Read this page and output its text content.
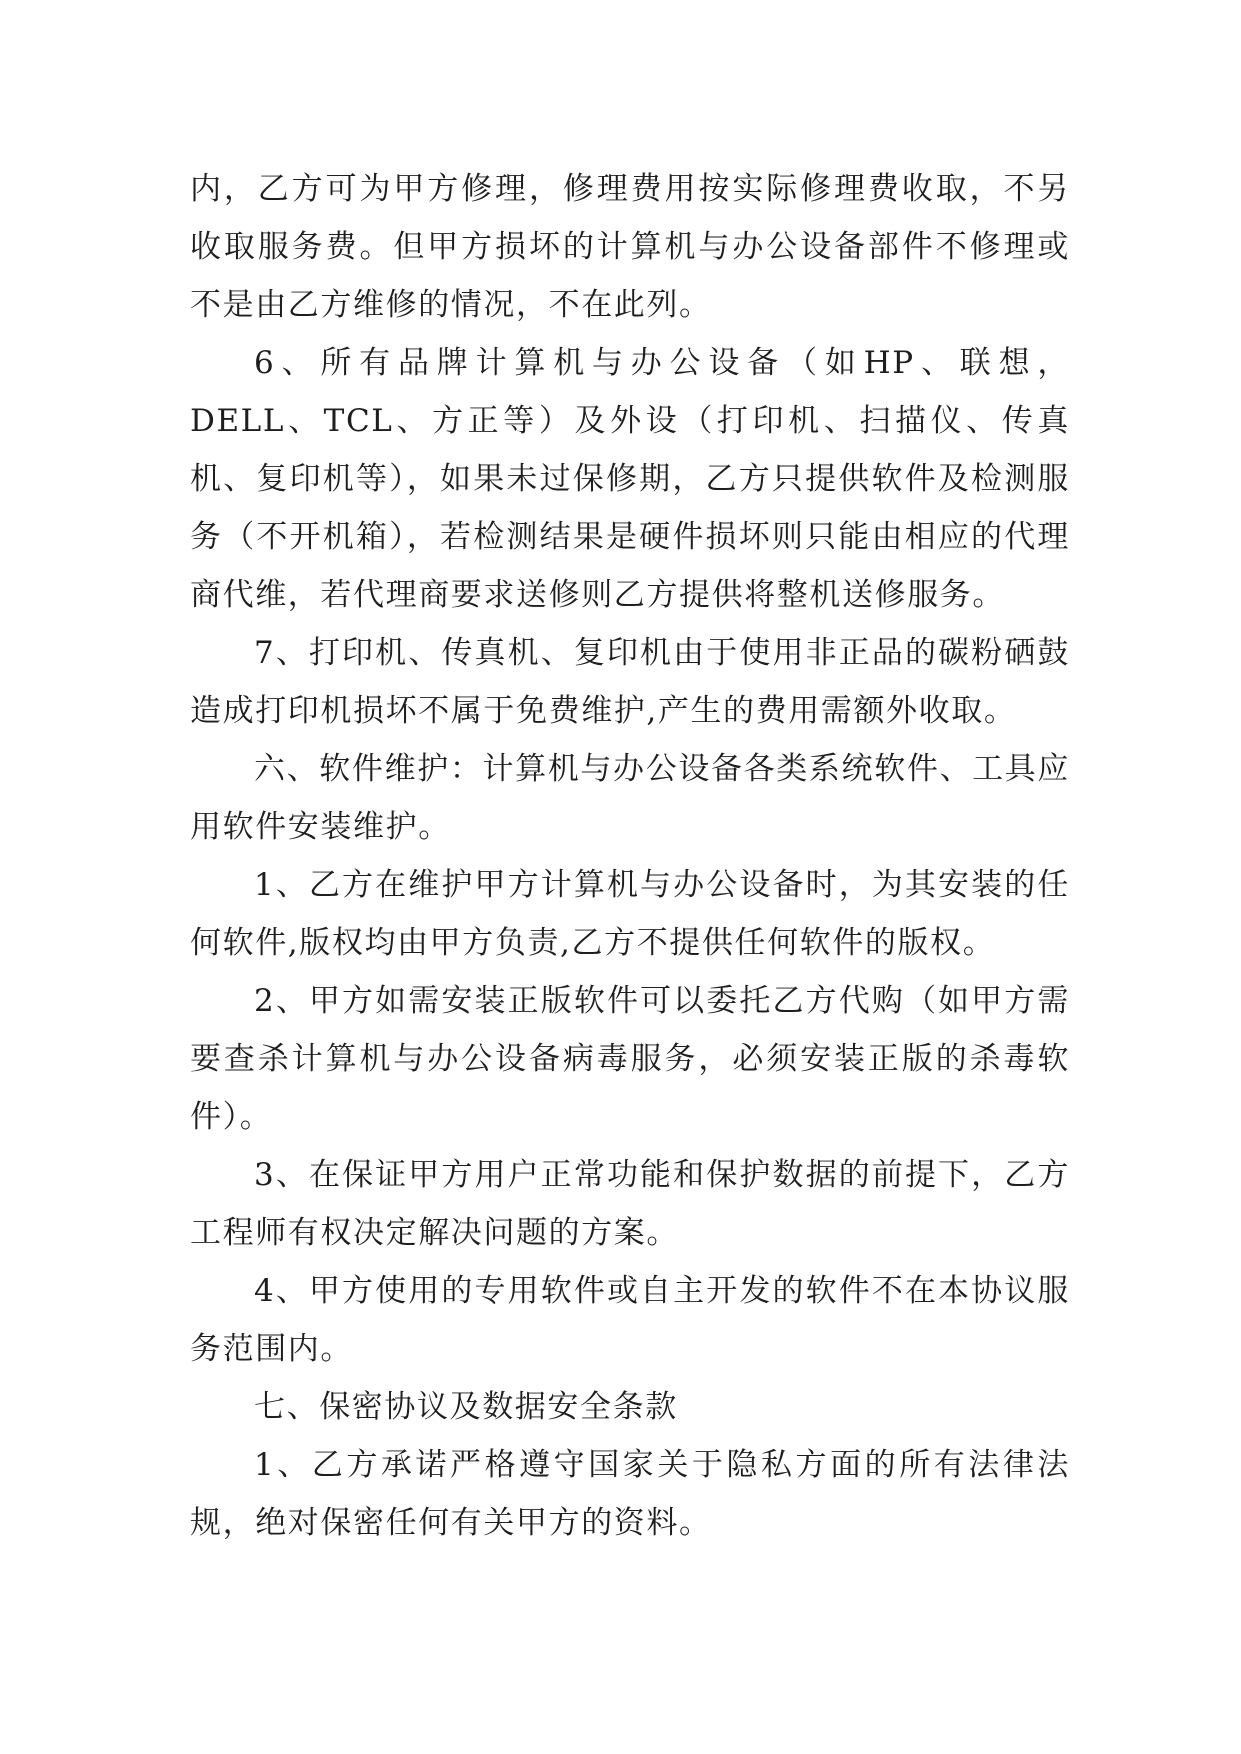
内，乙方可为甲方修理，修理费用按实际修理费收取，不另收取服务费。但甲方损坏的计算机与办公设备部件不修理或不是由乙方维修的情况，不在此列。

6、所有品牌计算机与办公设备（如HP、联想，DELL、TCL、方正等）及外设（打印机、扫描仪、传真机、复印机等），如果未过保修期，乙方只提供软件及检测服务（不开机箱），若检测结果是硬件损坏则只能由相应的代理商代维，若代理商要求送修则乙方提供将整机送修服务。

7、打印机、传真机、复印机由于使用非正品的碳粉硒鼓造成打印机损坏不属于免费维护,产生的费用需额外收取。

六、软件维护：计算机与办公设备各类系统软件、工具应用软件安装维护。

1、乙方在维护甲方计算机与办公设备时，为其安装的任何软件,版权均由甲方负责,乙方不提供任何软件的版权。

2、甲方如需安装正版软件可以委托乙方代购（如甲方需要查杀计算机与办公设备病毒服务，必须安装正版的杀毒软件）。

3、在保证甲方用户正常功能和保护数据的前提下，乙方工程师有权决定解决问题的方案。

4、甲方使用的专用软件或自主开发的软件不在本协议服务范围内。

七、保密协议及数据安全条款

1、乙方承诺严格遵守国家关于隐私方面的所有法律法规，绝对保密任何有关甲方的资料。
